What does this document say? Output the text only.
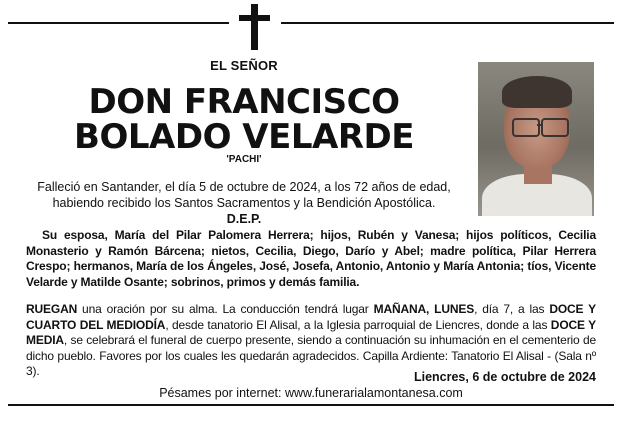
EL SEÑOR
DON FRANCISCO
BOLADO VELARDE
'PACHI'
Falleció en Santander, el día 5 de octubre de 2024, a los 72 años de edad,
habiendo recibido los Santos Sacramentos y la Bendición Apostólica.
D.E.P.
Su esposa, María del Pilar Palomera Herrera; hijos, Rubén y Vanesa; hijos políticos, Cecilia Monasterio y Ramón Bárcena; nietos, Cecilia, Diego, Darío y Abel; madre política, Pilar Herrera Crespo; hermanos, María de los Ángeles, José, Josefa, Antonio, Antonio y María Antonia; tíos, Vicente Velarde y Matilde Osante; sobrinos, primos y demás familia.
RUEGAN una oración por su alma. La conducción tendrá lugar MAÑANA, LUNES, día 7, a las DOCE Y CUARTO DEL MEDIODÍA, desde tanatorio El Alisal, a la Iglesia parroquial de Liencres, donde a las DOCE Y MEDIA, se celebrará el funeral de cuerpo presente, siendo a continuación su inhumación en el cementerio de dicho pueblo. Favores por los cuales les quedarán agradecidos. Capilla Ardiente: Tanatorio El Alisal - (Sala nº 3).	Liencres, 6 de octubre de 2024
Pésames por internet: www.funerarialamontanesa.com
